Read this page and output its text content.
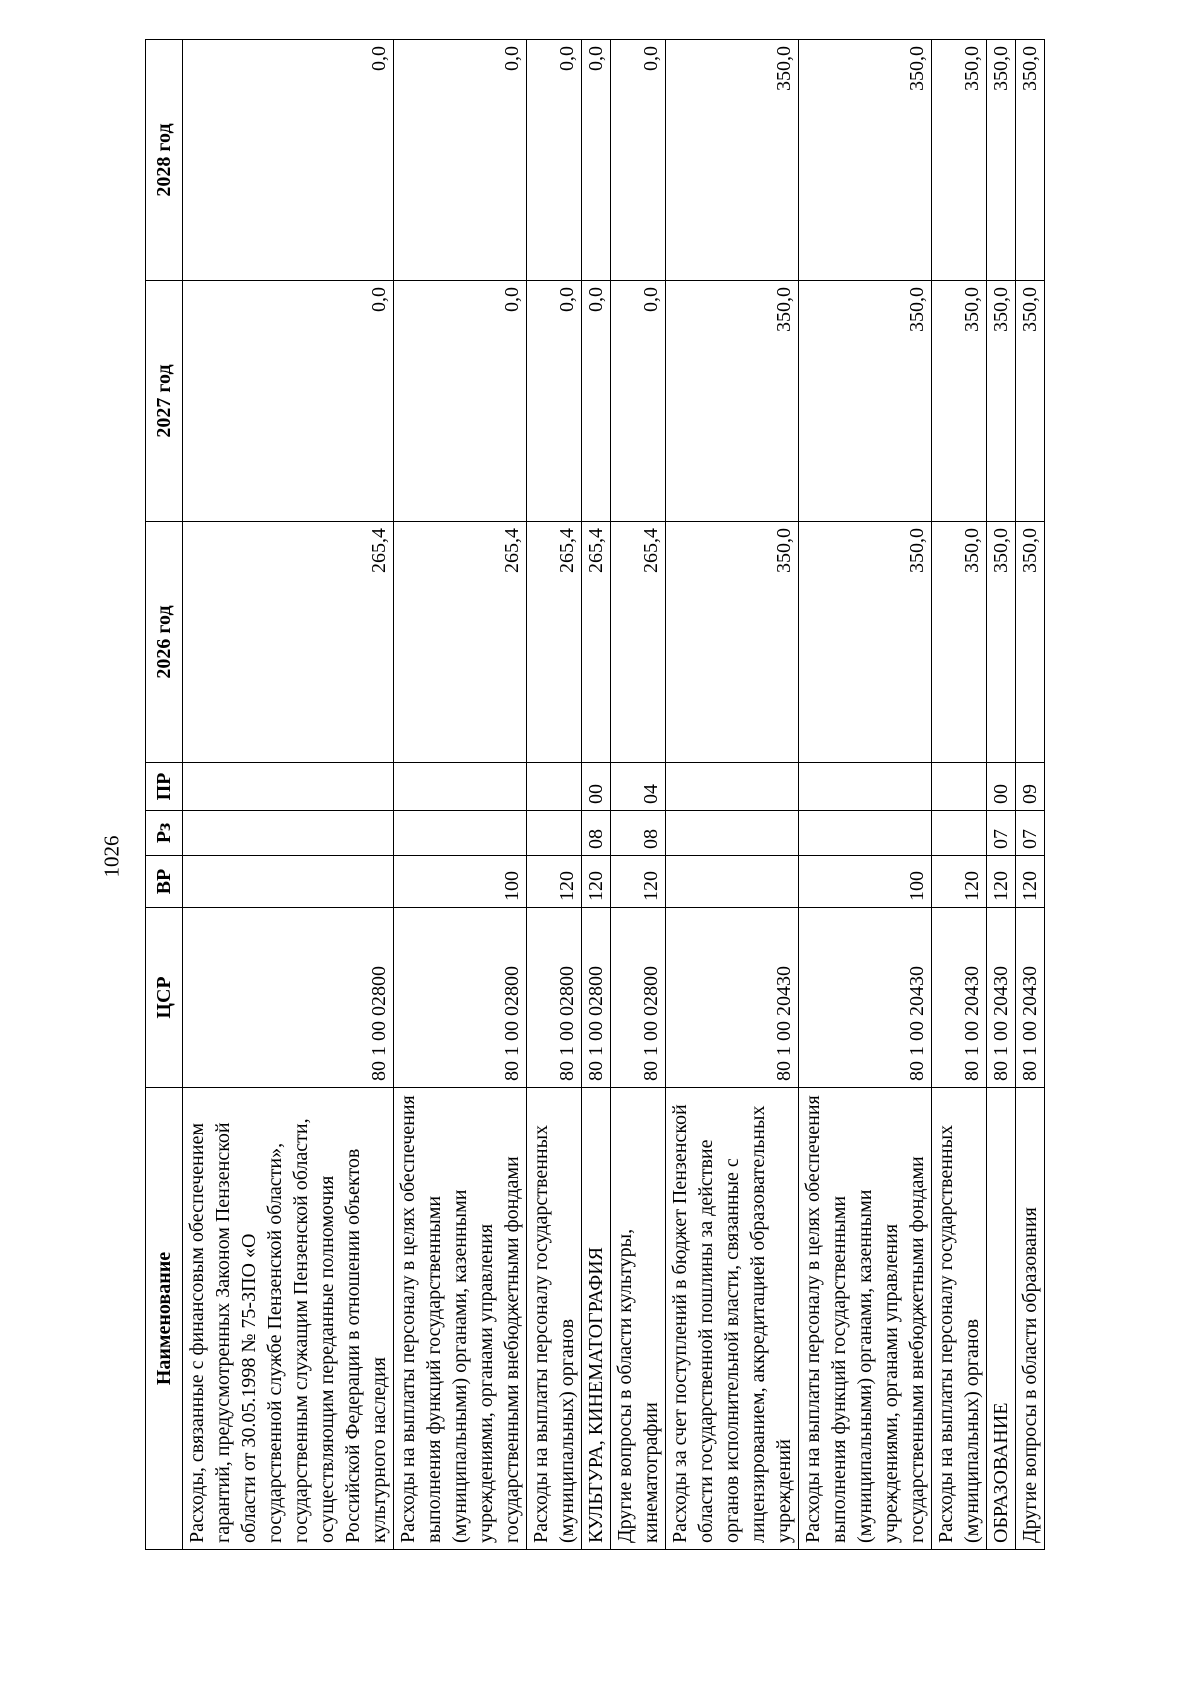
1026
Наименование	ЦСР	ВР	Рз	ПР	2026 год	2027 год	2028 год
Расходы, связанные с финансовым обеспечением гарантий, предусмотренных Законом Пензенской области от 30.05.1998 № 75-ЗПО «О государственной службе Пензенской области», государственным служащим Пензенской области, осуществляющим переданные полномочия Российской Федерации в отношении объектов культурного наследия	80 1 00 02800				265,4	0,0	0,0
Расходы на выплаты персоналу в целях обеспечения выполнения функций государственными (муниципальными) органами, казенными учреждениями, органами управления государственными внебюджетными фондами	80 1 00 02800	100			265,4	0,0	0,0
Расходы на выплаты персоналу государственных (муниципальных) органов	80 1 00 02800	120			265,4	0,0	0,0
КУЛЬТУРА, КИНЕМАТОГРАФИЯ	80 1 00 02800	120	08	00	265,4	0,0	0,0
Другие вопросы в области культуры, кинематографии	80 1 00 02800	120	08	04	265,4	0,0	0,0
Расходы за счет поступлений в бюджет Пензенской области государственной пошлины за действие органов исполнительной власти, связанные с лицензированием, аккредитацией образовательных учреждений	80 1 00 20430				350,0	350,0	350,0
Расходы на выплаты персоналу в целях обеспечения выполнения функций государственными (муниципальными) органами, казенными учреждениями, органами управления государственными внебюджетными фондами	80 1 00 20430	100			350,0	350,0	350,0
Расходы на выплаты персоналу государственных (муниципальных) органов	80 1 00 20430	120			350,0	350,0	350,0
ОБРАЗОВАНИЕ	80 1 00 20430	120	07	00	350,0	350,0	350,0
Другие вопросы в области образования	80 1 00 20430	120	07	09	350,0	350,0	350,0
